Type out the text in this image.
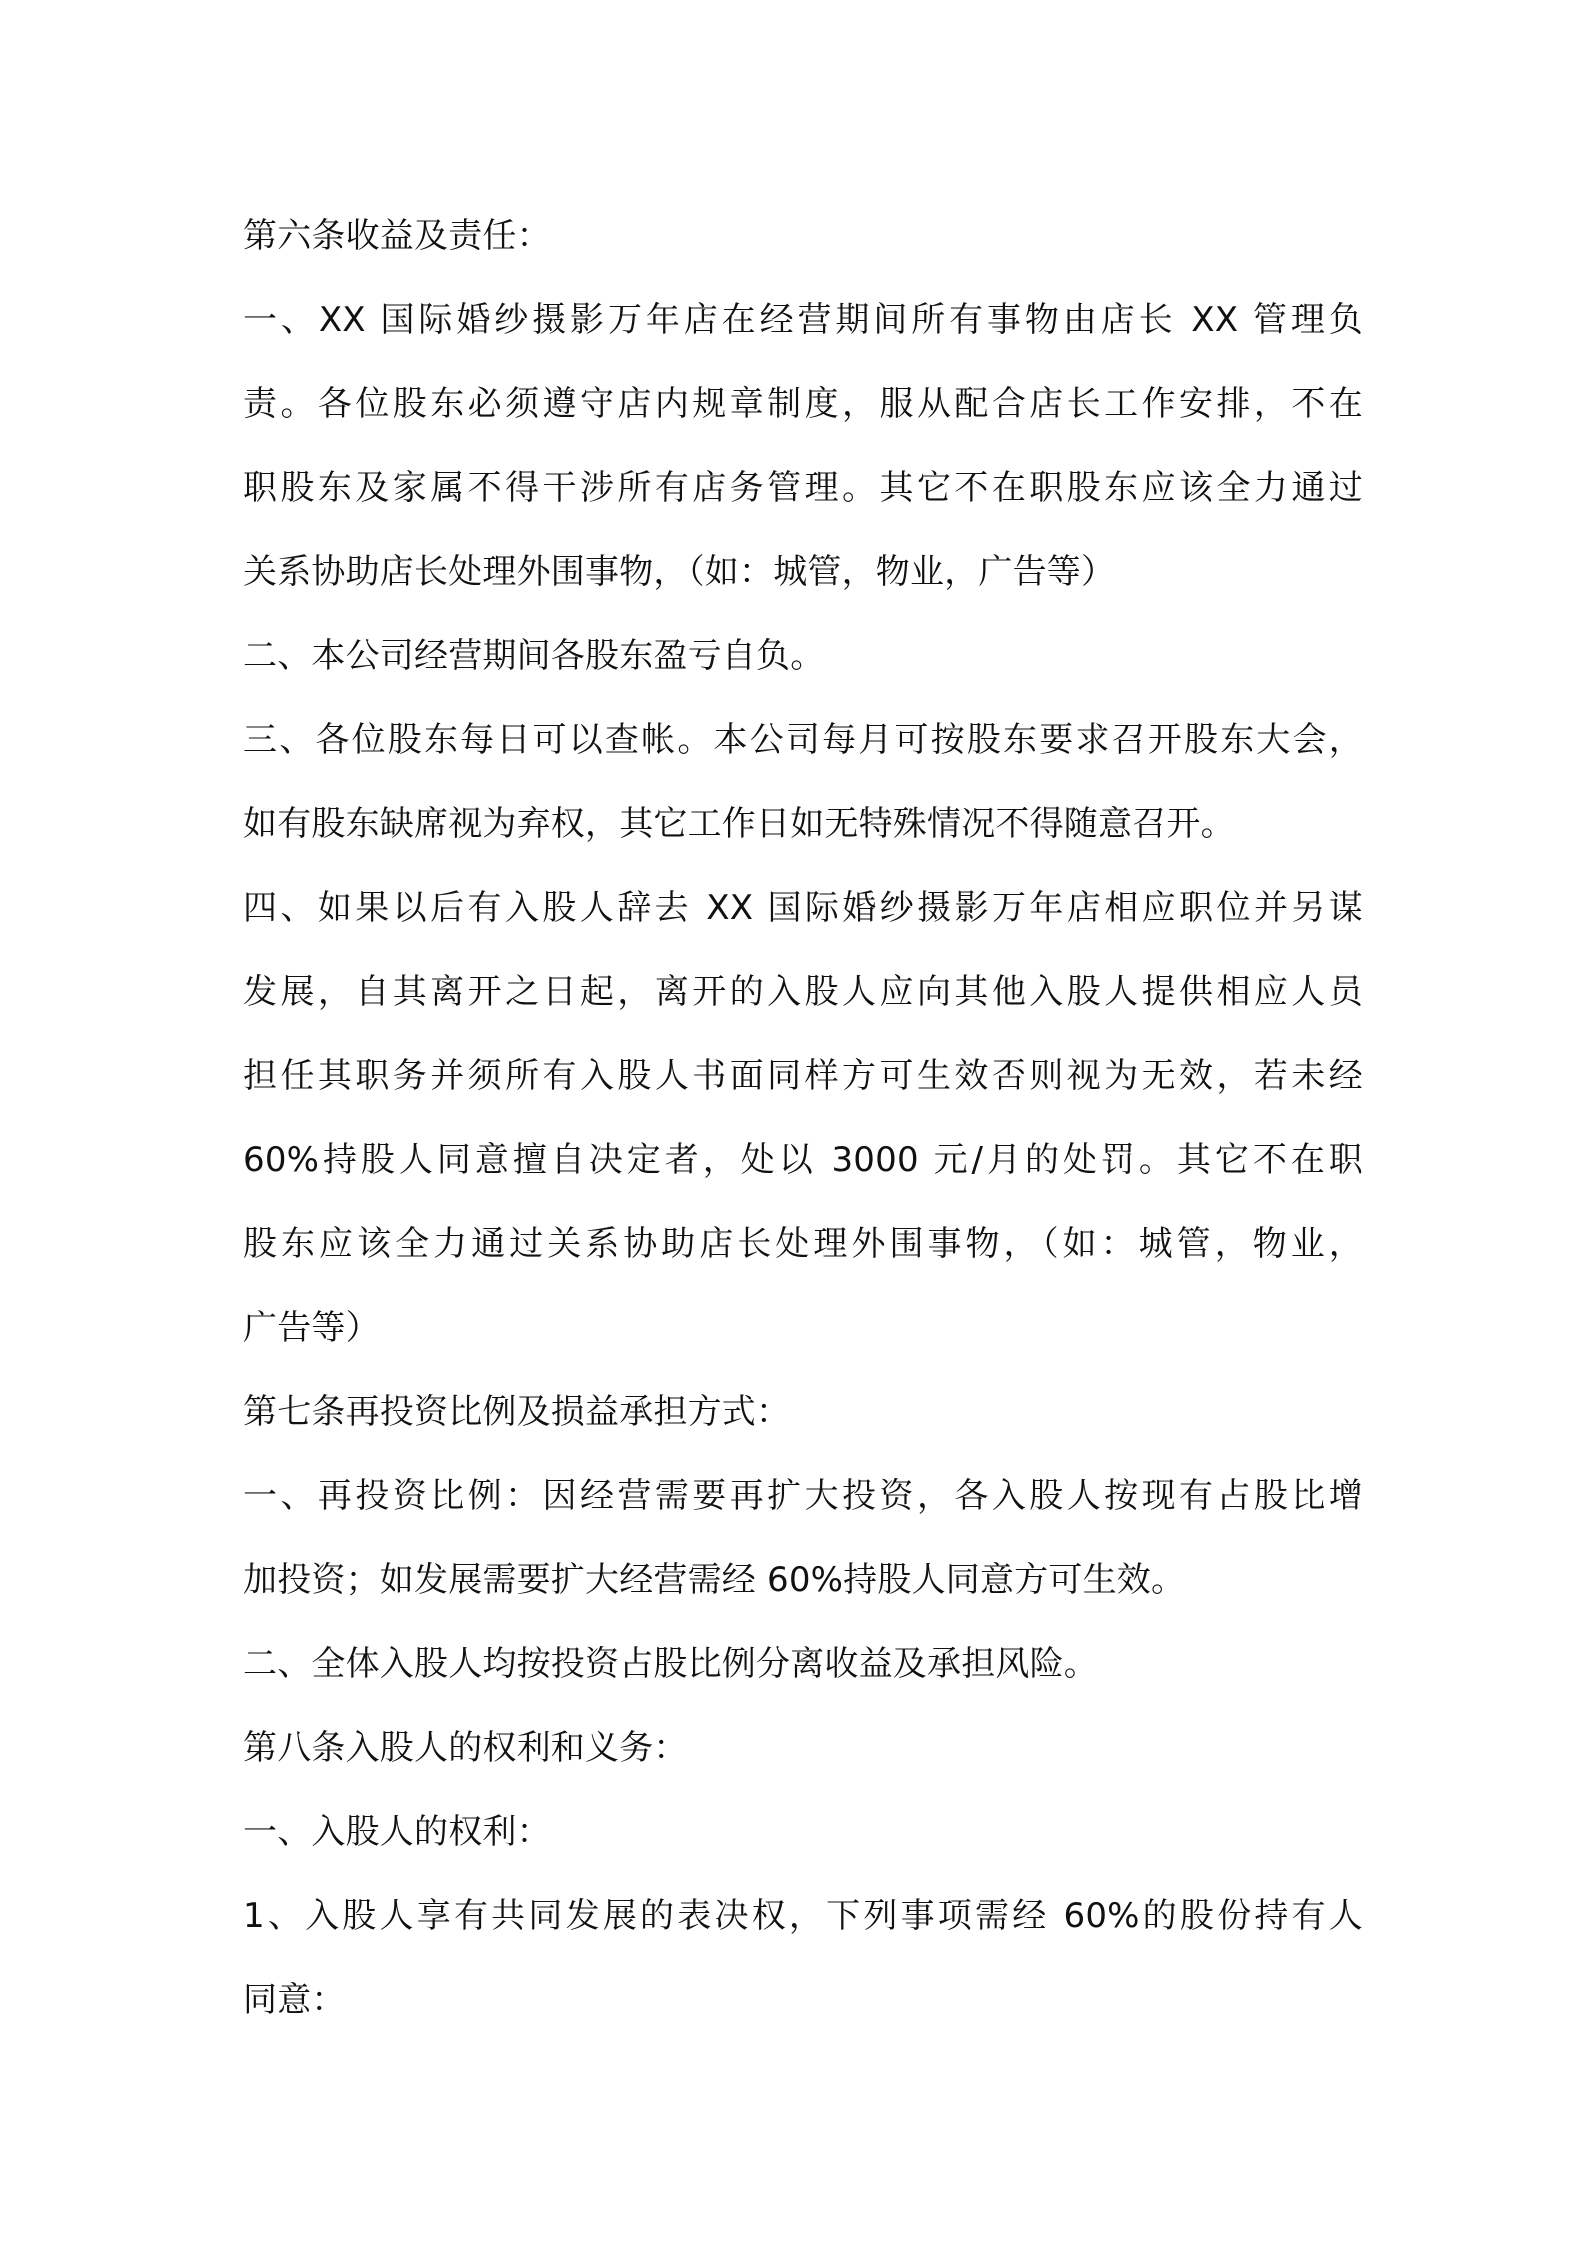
第六条收益及责任：
一、XX 国际婚纱摄影万年店在经营期间所有事物由店长 XX 管理负
责。各位股东必须遵守店内规章制度，服从配合店长工作安排，不在
职股东及家属不得干涉所有店务管理。其它不在职股东应该全力通过
关系协助店长处理外围事物，（如：城管，物业，广告等）
二、本公司经营期间各股东盈亏自负。
三、各位股东每日可以查帐。本公司每月可按股东要求召开股东大会，
如有股东缺席视为弃权，其它工作日如无特殊情况不得随意召开。
四、如果以后有入股人辞去 XX 国际婚纱摄影万年店相应职位并另谋
发展，自其离开之日起，离开的入股人应向其他入股人提供相应人员
担任其职务并须所有入股人书面同样方可生效否则视为无效，若未经
60%持股人同意擅自决定者，处以 3000 元/月的处罚。其它不在职
股东应该全力通过关系协助店长处理外围事物，（如：城管，物业，
广告等）
第七条再投资比例及损益承担方式：
一、再投资比例：因经营需要再扩大投资，各入股人按现有占股比增
加投资；如发展需要扩大经营需经 60%持股人同意方可生效。
二、全体入股人均按投资占股比例分离收益及承担风险。
第八条入股人的权利和义务：
一、入股人的权利：
1、入股人享有共同发展的表决权，下列事项需经 60%的股份持有人
同意：
